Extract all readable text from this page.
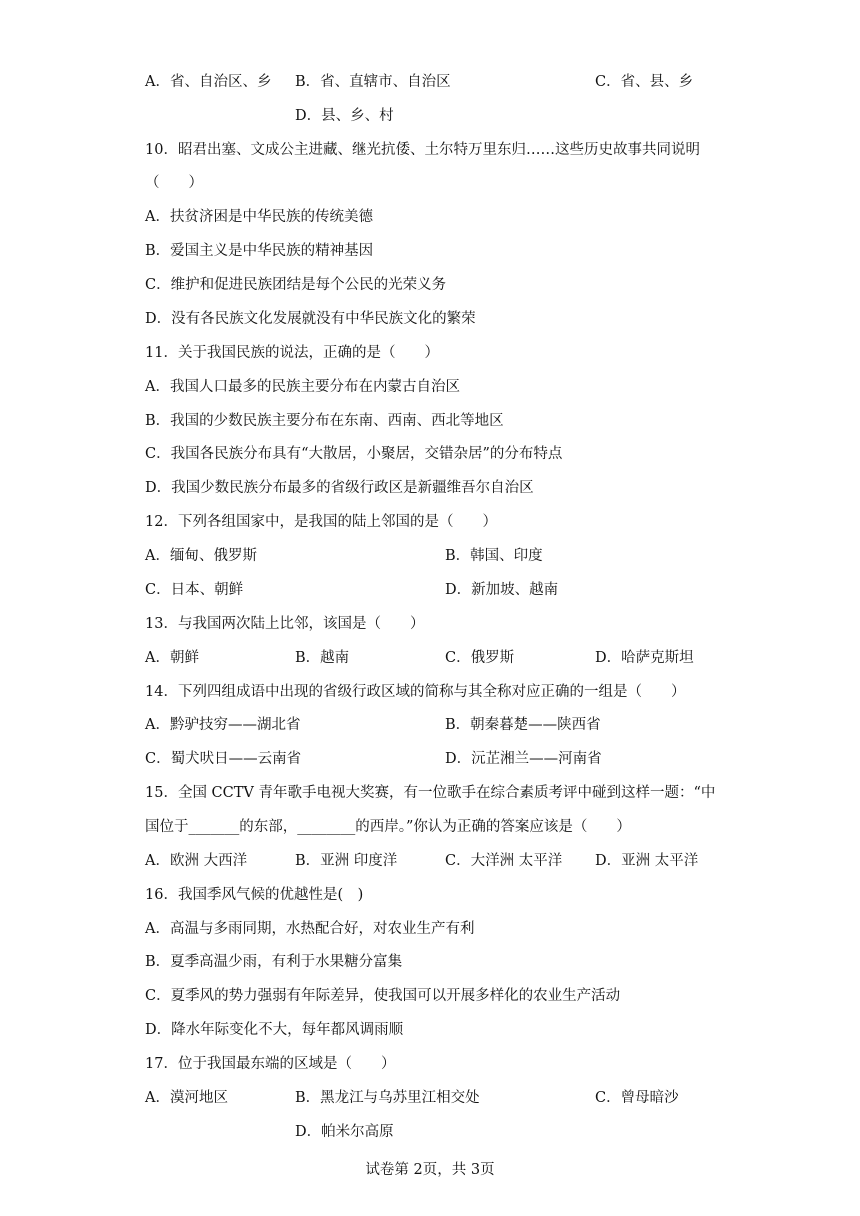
A．省、自治区、乡 B．省、直辖市、自治区	C．省、县、乡
D．县、乡、村
10．昭君出塞、文成公主进藏、继光抗倭、土尔特万里东归……这些历史故事共同说明
（　　）
A．扶贫济困是中华民族的传统美德
B．爱国主义是中华民族的精神基因
C．维护和促进民族团结是每个公民的光荣义务
D．没有各民族文化发展就没有中华民族文化的繁荣
11．关于我国民族的说法，正确的是（　　）
A．我国人口最多的民族主要分布在内蒙古自治区
B．我国的少数民族主要分布在东南、西南、西北等地区
C．我国各民族分布具有“大散居，小聚居，交错杂居”的分布特点
D．我国少数民族分布最多的省级行政区是新疆维吾尔自治区
12．下列各组国家中，是我国的陆上邻国的是（　　）
A．缅甸、俄罗斯	B．韩国、印度
C．日本、朝鲜	D．新加坡、越南
13．与我国两次陆上比邻，该国是（　　）
A．朝鲜	B．越南	C．俄罗斯	D．哈萨克斯坦
14．下列四组成语中出现的省级行政区域的简称与其全称对应正确的一组是（　　）
A．黔驴技穷——湖北省	B．朝秦暮楚——陕西省
C．蜀犬吠日——云南省	D．沅芷湘兰——河南省
15．全国 CCTV 青年歌手电视大奖赛，有一位歌手在综合素质考评中碰到这样一题：“中
国位于_______的东部，________的西岸。”你认为正确的答案应该是（　　）
A．欧洲 大西洋	B．亚洲 印度洋	C．大洋洲 太平洋 D．亚洲 太平洋
16．我国季风气候的优越性是(　)
A．高温与多雨同期，水热配合好，对农业生产有利
B．夏季高温少雨，有利于水果糖分富集
C．夏季风的势力强弱有年际差异，使我国可以开展多样化的农业生产活动
D．降水年际变化不大，每年都风调雨顺
17．位于我国最东端的区域是（　　）
A．漠河地区	B．黑龙江与乌苏里江相交处	C．曾母暗沙
D．帕米尔高原
试卷第 2页，共 3页
